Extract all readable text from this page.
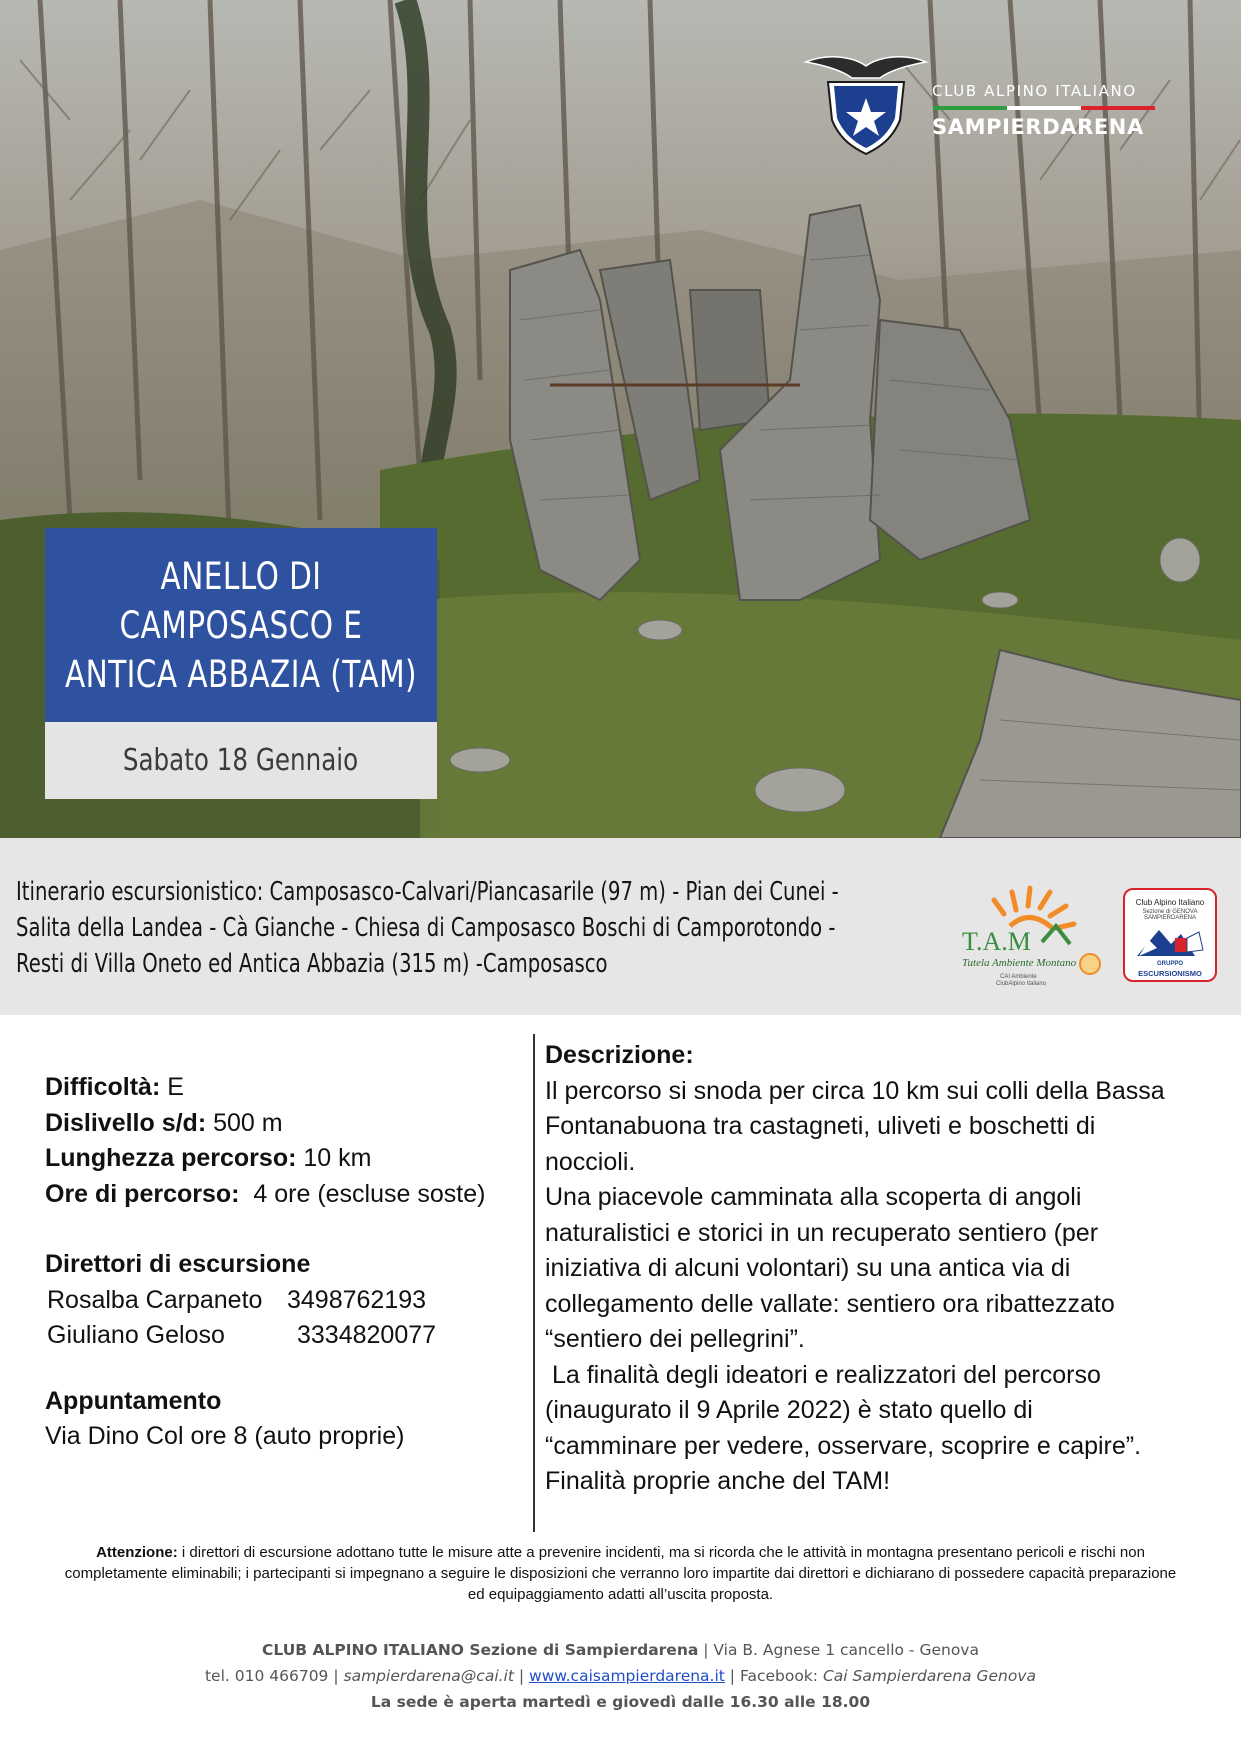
CLUB ALPINO ITALIANO
SAMPIERDARENA
ANELLO DI
CAMPOSASCO E
ANTICA ABBAZIA (TAM)
Sabato 18 Gennaio

Itinerario escursionistico: Camposasco-Calvari/Piancasarile (97 m) - Pian dei Cunei -
Salita della Landea - Cà Gianche - Chiesa di Camposasco Boschi di Camporotondo -
Resti di Villa Oneto ed Antica Abbazia (315 m) -Camposasco

T.A.M
Tutela Ambiente Montano
CAI Ambiente
ClubAlpino Italiano
Club Alpino Italiano
Sezione di GENOVA SAMPIERDARENA
GRUPPO
ESCURSIONISMO
Difficoltà: E
Dislivello s/d: 500 m
Lunghezza percorso: 10 km
Ore di percorso:  4 ore (escluse soste)
Direttori di escursione
Rosalba Carpaneto 3498762193
Giuliano Geloso	3334820077
Appuntamento
Via Dino Col ore 8 (auto proprie)
Descrizione:
Il percorso si snoda per circa 10 km sui colli della Bassa
Fontanabuona tra castagneti, uliveti e boschetti di
noccioli.
Una piacevole camminata alla scoperta di angoli
naturalistici e storici in un recuperato sentiero (per
iniziativa di alcuni volontari) su una antica via di
collegamento delle vallate: sentiero ora ribattezzato
“sentiero dei pellegrini”.
La finalità degli ideatori e realizzatori del percorso
(inaugurato il 9 Aprile 2022) è stato quello di
“camminare per vedere, osservare, scoprire e capire”.
Finalità proprie anche del TAM!
Attenzione: i direttori di escursione adottano tutte le misure atte a prevenire incidenti, ma si ricorda che le attività in montagna presentano pericoli e rischi non completamente eliminabili; i partecipanti si impegnano a seguire le disposizioni che verranno loro impartite dai direttori e dichiarano di possedere capacità preparazione ed equipaggiamento adatti all’uscita proposta.
CLUB ALPINO ITALIANO Sezione di Sampierdarena | Via B. Agnese 1 cancello - Genova
tel. 010 466709 | sampierdarena@cai.it | www.caisampierdarena.it | Facebook: Cai Sampierdarena Genova
La sede è aperta martedì e giovedì dalle 16.30 alle 18.00
